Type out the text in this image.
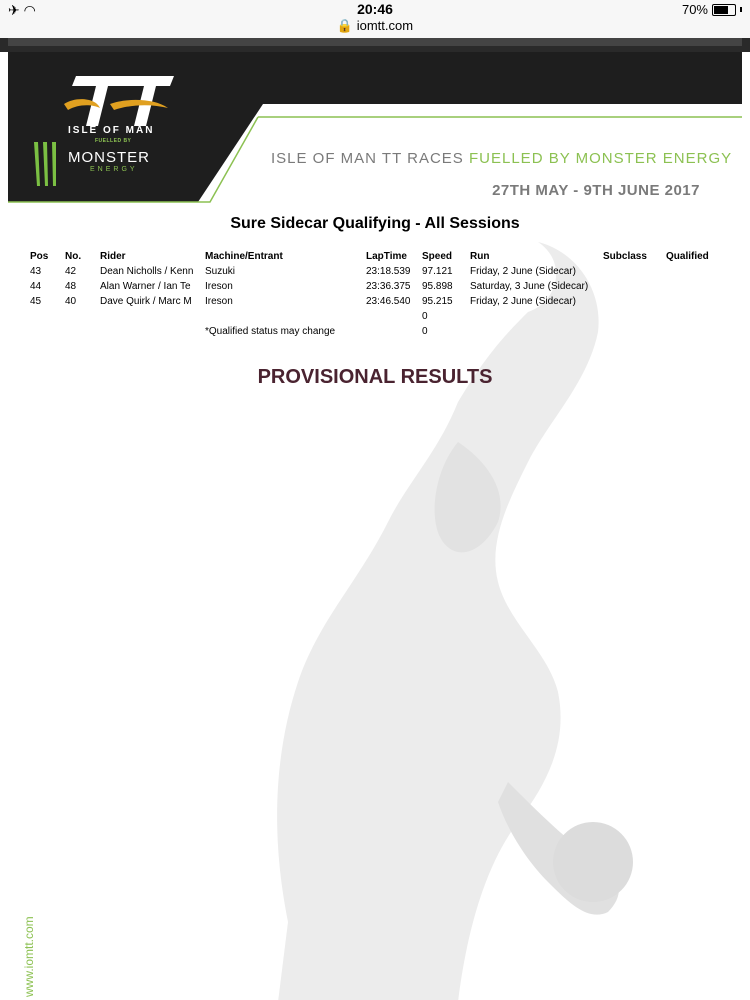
✈ ◠	20:46
🔒 iomtt.com
70%
ISLE OF MAN
FUELLED BY
MONSTER
ENERGY
ISLE OF MAN TT RACES FUELLED BY MONSTER ENERGY
27TH MAY - 9TH JUNE 2017
Sure Sidecar Qualifying - All Sessions
Pos	No.	Rider	Machine/Entrant	LapTime	Speed	Run	Subclass	Qualified
43	42	Dean Nicholls / Kenn	Suzuki	23:18.539	97.121	Friday, 2 June (Sidecar)		
44	48	Alan Warner / Ian Te	Ireson	23:36.375	95.898	Saturday, 3 June (Sidecar)		
45	40	Dave Quirk / Marc M	Ireson	23:46.540	95.215	Friday, 2 June (Sidecar)		
					0			
			*Qualified status may change		0			
PROVISIONAL RESULTS
www.iomtt.com
